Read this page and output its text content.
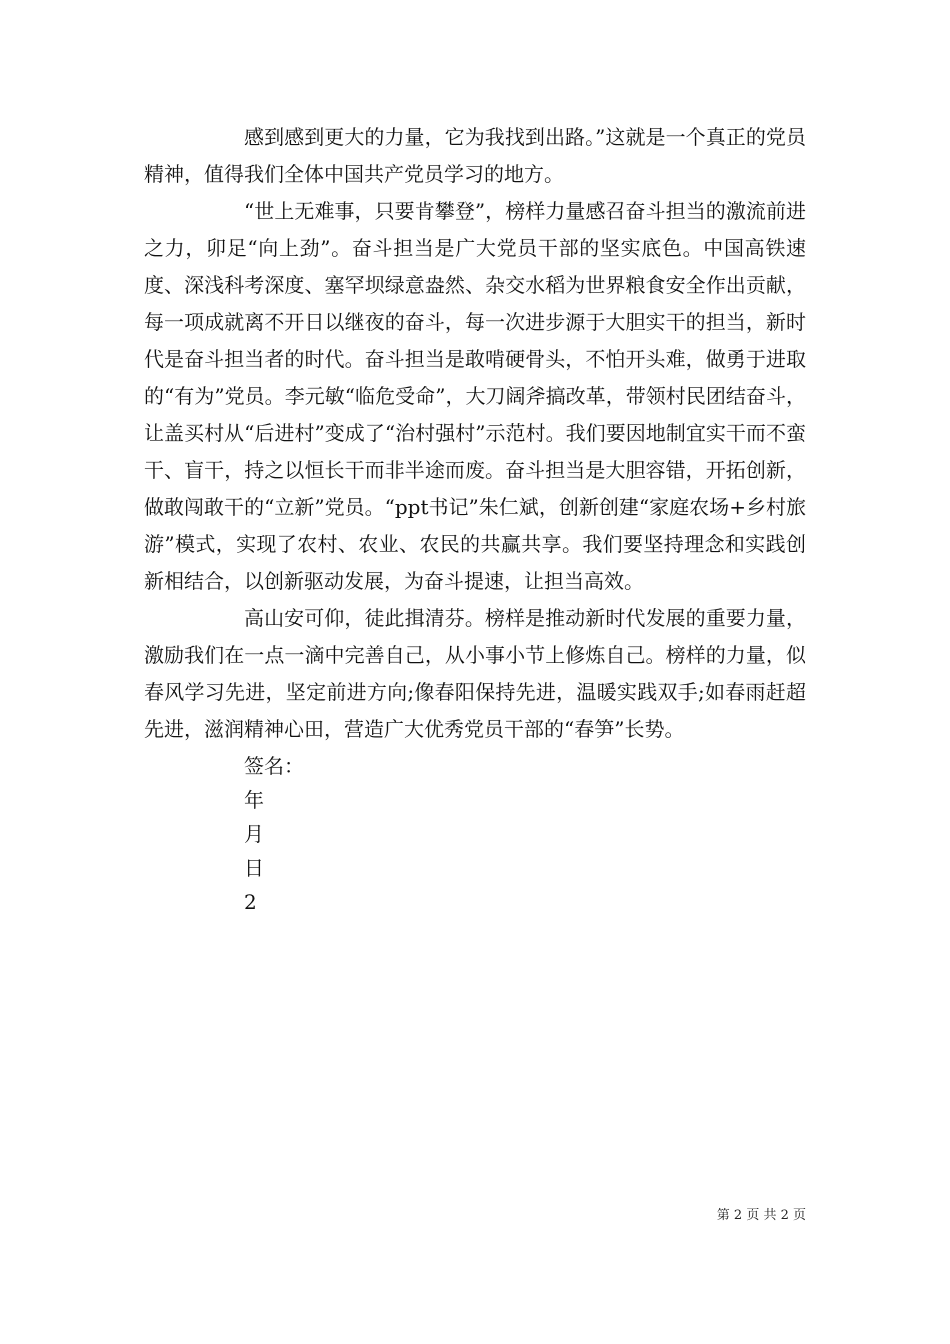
感到感到更大的力量，它为我找到出路。”这就是一个真正的党员精神，值得我们全体中国共产党员学习的地方。

“世上无难事，只要肯攀登”，榜样力量感召奋斗担当的激流前进之力，卯足“向上劲”。奋斗担当是广大党员干部的坚实底色。中国高铁速度、深浅科考深度、塞罕坝绿意盎然、杂交水稻为世界粮食安全作出贡献，每一项成就离不开日以继夜的奋斗，每一次进步源于大胆实干的担当，新时代是奋斗担当者的时代。奋斗担当是敢啃硬骨头，不怕开头难，做勇于进取的“有为”党员。李元敏“临危受命”，大刀阔斧搞改革，带领村民团结奋斗，让盖买村从“后进村”变成了“治村强村”示范村。我们要因地制宜实干而不蛮干、盲干，持之以恒长干而非半途而废。奋斗担当是大胆容错，开拓创新，做敢闯敢干的“立新”党员。“ppt书记”朱仁斌，创新创建“家庭农场+乡村旅游”模式，实现了农村、农业、农民的共赢共享。我们要坚持理念和实践创新相结合，以创新驱动发展，为奋斗提速，让担当高效。

高山安可仰，徒此揖清芬。榜样是推动新时代发展的重要力量，激励我们在一点一滴中完善自己，从小事小节上修炼自己。榜样的力量，似春风学习先进，坚定前进方向;像春阳保持先进，温暖实践双手;如春雨赶超先进，滋润精神心田，营造广大优秀党员干部的“春笋”长势。

签名：
年
月
日
2
第 2 页 共 2 页
